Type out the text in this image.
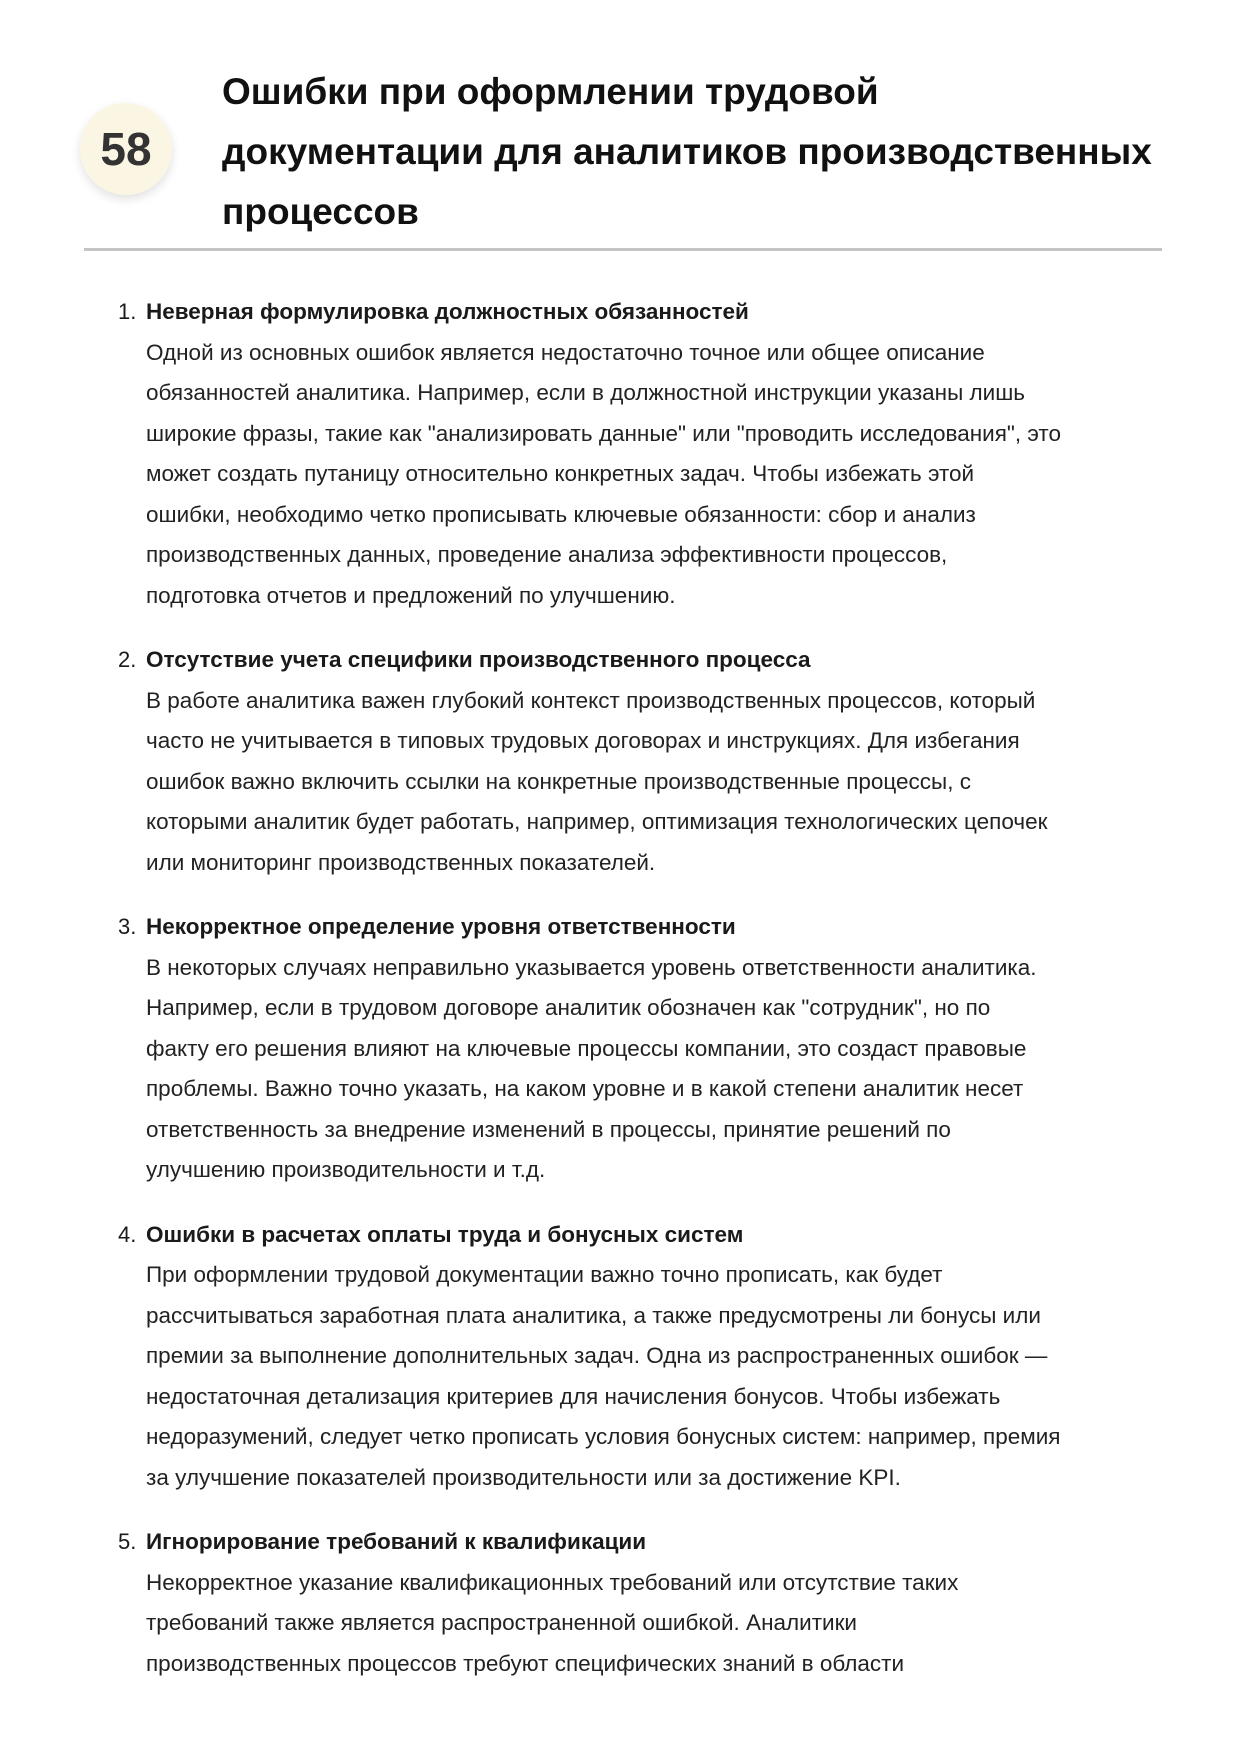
58
Ошибки при оформлении трудовой
документации для аналитиков производственных
процессов
1. Неверная формулировка должностных обязанностей
Одной из основных ошибок является недостаточно точное или общее описание
обязанностей аналитика. Например, если в должностной инструкции указаны лишь
широкие фразы, такие как "анализировать данные" или "проводить исследования", это
может создать путаницу относительно конкретных задач. Чтобы избежать этой
ошибки, необходимо четко прописывать ключевые обязанности: сбор и анализ
производственных данных, проведение анализа эффективности процессов,
подготовка отчетов и предложений по улучшению.
2. Отсутствие учета специфики производственного процесса
В работе аналитика важен глубокий контекст производственных процессов, который
часто не учитывается в типовых трудовых договорах и инструкциях. Для избегания
ошибок важно включить ссылки на конкретные производственные процессы, с
которыми аналитик будет работать, например, оптимизация технологических цепочек
или мониторинг производственных показателей.
3. Некорректное определение уровня ответственности
В некоторых случаях неправильно указывается уровень ответственности аналитика.
Например, если в трудовом договоре аналитик обозначен как "сотрудник", но по
факту его решения влияют на ключевые процессы компании, это создаст правовые
проблемы. Важно точно указать, на каком уровне и в какой степени аналитик несет
ответственность за внедрение изменений в процессы, принятие решений по
улучшению производительности и т.д.
4. Ошибки в расчетах оплаты труда и бонусных систем
При оформлении трудовой документации важно точно прописать, как будет
рассчитываться заработная плата аналитика, а также предусмотрены ли бонусы или
премии за выполнение дополнительных задач. Одна из распространенных ошибок —
недостаточная детализация критериев для начисления бонусов. Чтобы избежать
недоразумений, следует четко прописать условия бонусных систем: например, премия
за улучшение показателей производительности или за достижение KPI.
5. Игнорирование требований к квалификации
Некорректное указание квалификационных требований или отсутствие таких
требований также является распространенной ошибкой. Аналитики
производственных процессов требуют специфических знаний в области
